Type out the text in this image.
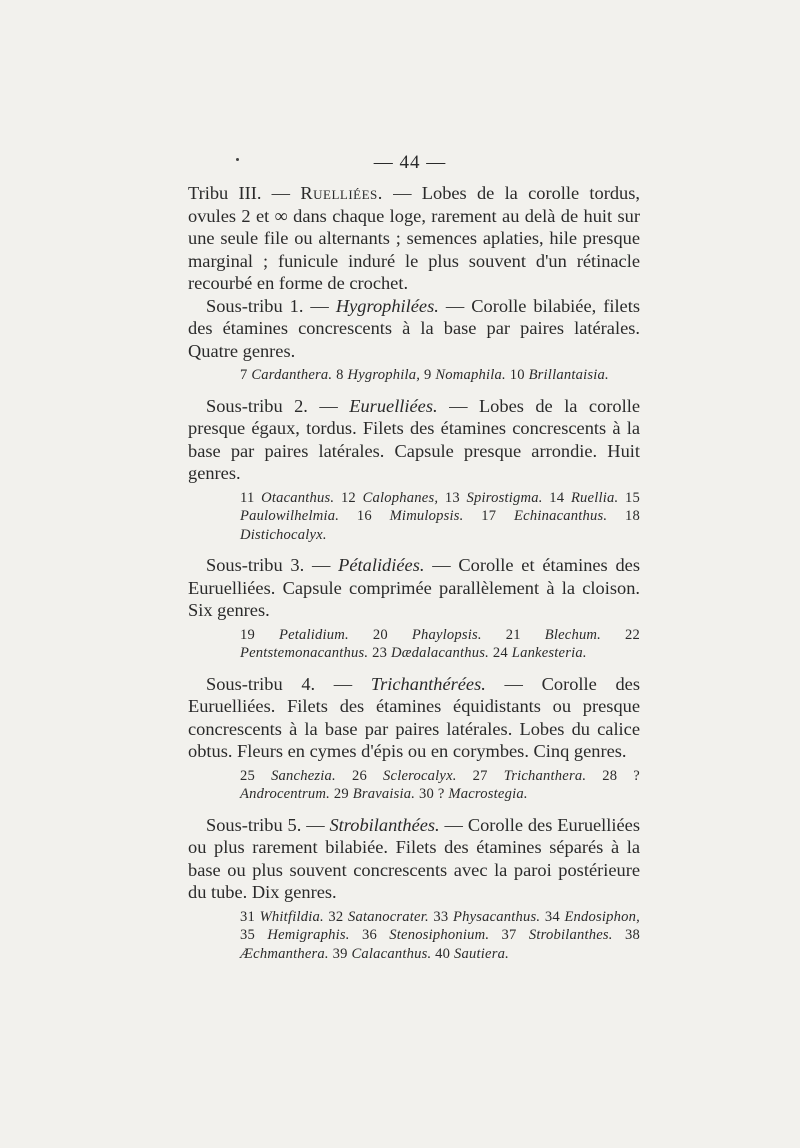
— 44 —

Tribu III. — Ruelliées. — Lobes de la corolle tordus, ovules 2 et ∞ dans chaque loge, rarement au delà de huit sur une seule file ou alternants ; semences aplaties, hile presque marginal ; funicule induré le plus souvent d'un rétinacle recourbé en forme de crochet.

Sous-tribu 1. — Hygrophilées. — Corolle bilabiée, filets des étamines concrescents à la base par paires latérales. Quatre genres.

7 Cardanthera. 8 Hygrophila, 9 Nomaphila. 10 Brillantaisia.

Sous-tribu 2. — Euruelliées. — Lobes de la corolle presque égaux, tordus. Filets des étamines concrescents à la base par paires latérales. Capsule presque arrondie. Huit genres.

11 Otacanthus. 12 Calophanes, 13 Spirostigma. 14 Ruellia. 15 Paulowilhelmia. 16 Mimulopsis. 17 Echinacanthus. 18 Distichocalyx.

Sous-tribu 3. — Pétalidiées. — Corolle et étamines des Euruelliées. Capsule comprimée parallèlement à la cloison. Six genres.

19 Petalidium. 20 Phaylopsis. 21 Blechum. 22 Pentstemonacanthus. 23 Dædalacanthus. 24 Lankesteria.

Sous-tribu 4. — Trichanthérées. — Corolle des Euruelliées. Filets des étamines équidistants ou presque concrescents à la base par paires latérales. Lobes du calice obtus. Fleurs en cymes d'épis ou en corymbes. Cinq genres.

25 Sanchezia. 26 Sclerocalyx. 27 Trichanthera. 28 ? Androcentrum. 29 Bravaisia. 30 ? Macrostegia.

Sous-tribu 5. — Strobilanthées. — Corolle des Euruelliées ou plus rarement bilabiée. Filets des étamines séparés à la base ou plus souvent concrescents avec la paroi postérieure du tube. Dix genres.

31 Whitfildia. 32 Satanocrater. 33 Physacanthus. 34 Endosiphon, 35 Hemigraphis. 36 Stenosiphonium. 37 Strobilanthes. 38 Æchmanthera. 39 Calacanthus. 40 Sautiera.
